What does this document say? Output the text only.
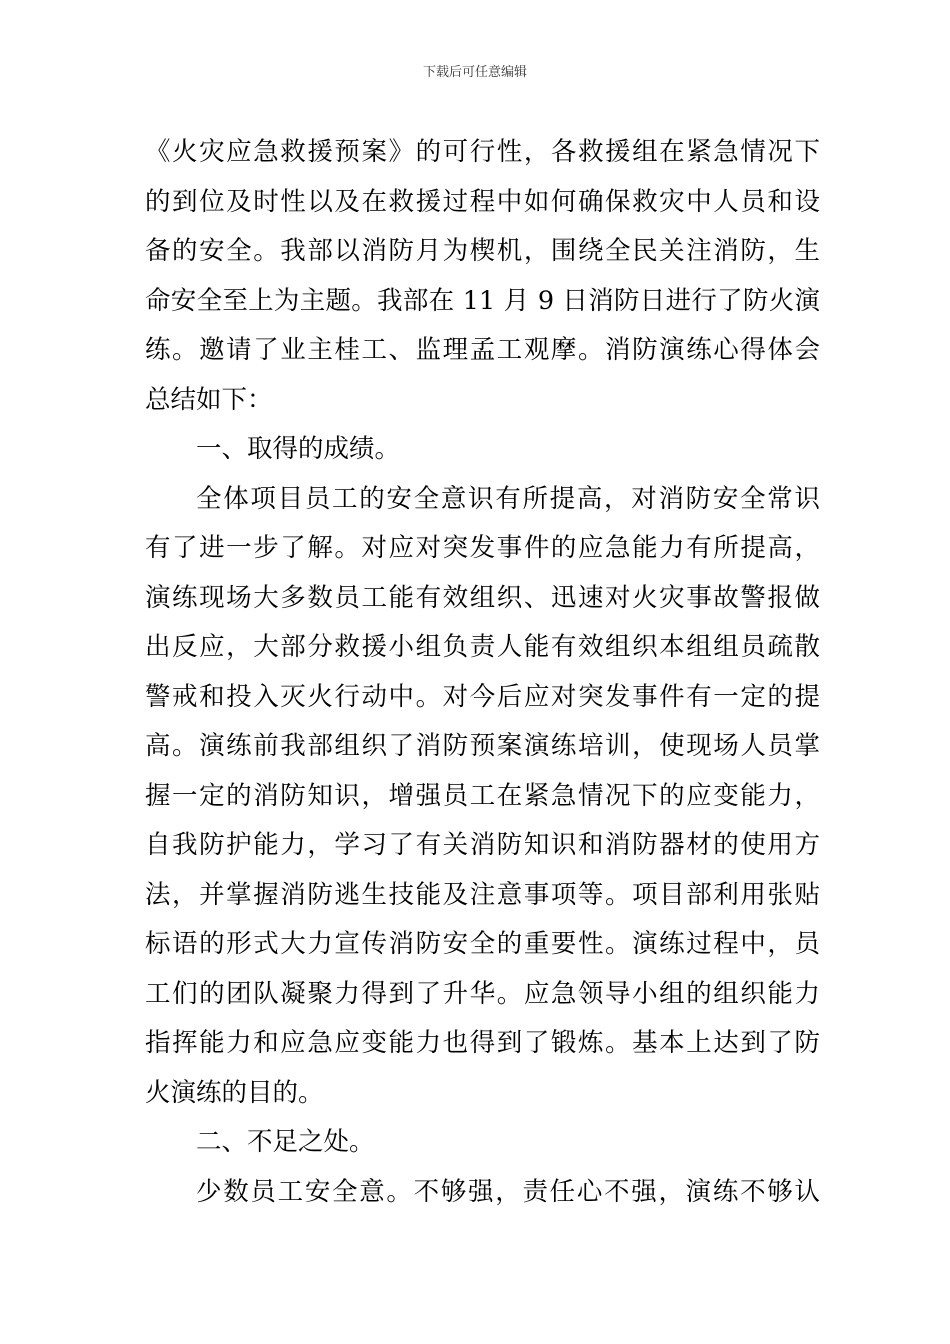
下载后可任意编辑
《火灾应急救援预案》的可行性，各救援组在紧急情况下
的到位及时性以及在救援过程中如何确保救灾中人员和设
备的安全。我部以消防月为楔机，围绕全民关注消防，生
命安全至上为主题。我部在 11 月 9 日消防日进行了防火演
练。邀请了业主桂工、监理孟工观摩。消防演练心得体会
总结如下：
一、取得的成绩。
全体项目员工的安全意识有所提高，对消防安全常识
有了进一步了解。对应对突发事件的应急能力有所提高，
演练现场大多数员工能有效组织、迅速对火灾事故警报做
出反应，大部分救援小组负责人能有效组织本组组员疏散
警戒和投入灭火行动中。对今后应对突发事件有一定的提
高。演练前我部组织了消防预案演练培训，使现场人员掌
握一定的消防知识，增强员工在紧急情况下的应变能力，
自我防护能力，学习了有关消防知识和消防器材的使用方
法，并掌握消防逃生技能及注意事项等。项目部利用张贴
标语的形式大力宣传消防安全的重要性。演练过程中，员
工们的团队凝聚力得到了升华。应急领导小组的组织能力
指挥能力和应急应变能力也得到了锻炼。基本上达到了防
火演练的目的。
二、不足之处。
少数员工安全意。不够强，责任心不强，演练不够认
